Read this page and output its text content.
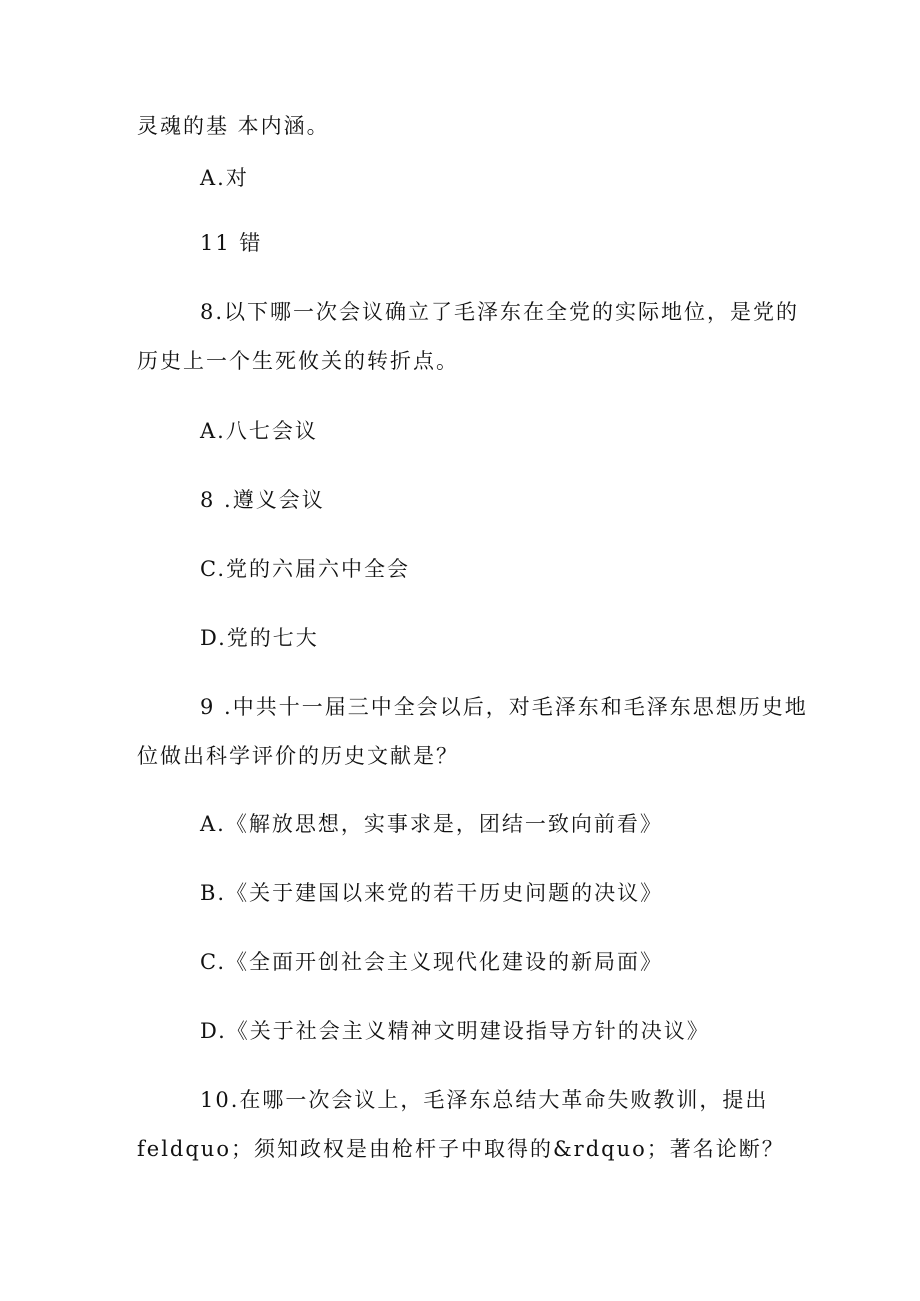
灵魂的基 本内涵。
A.对
11 错
8.以下哪一次会议确立了毛泽东在全党的实际地位，是党的
历史上一个生死攸关的转折点。
A.八七会议
8 .遵义会议
C.党的六届六中全会
D.党的七大
9 .中共十一届三中全会以后，对毛泽东和毛泽东思想历史地
位做出科学评价的历史文献是？
A.《解放思想，实事求是，团结一致向前看》
B.《关于建国以来党的若干历史问题的决议》
C.《全面开创社会主义现代化建设的新局面》
D.《关于社会主义精神文明建设指导方针的决议》
10.在哪一次会议上，毛泽东总结大革命失败教训，提出
feldquo；须知政权是由枪杆子中取得的&rdquo；著名论断？
